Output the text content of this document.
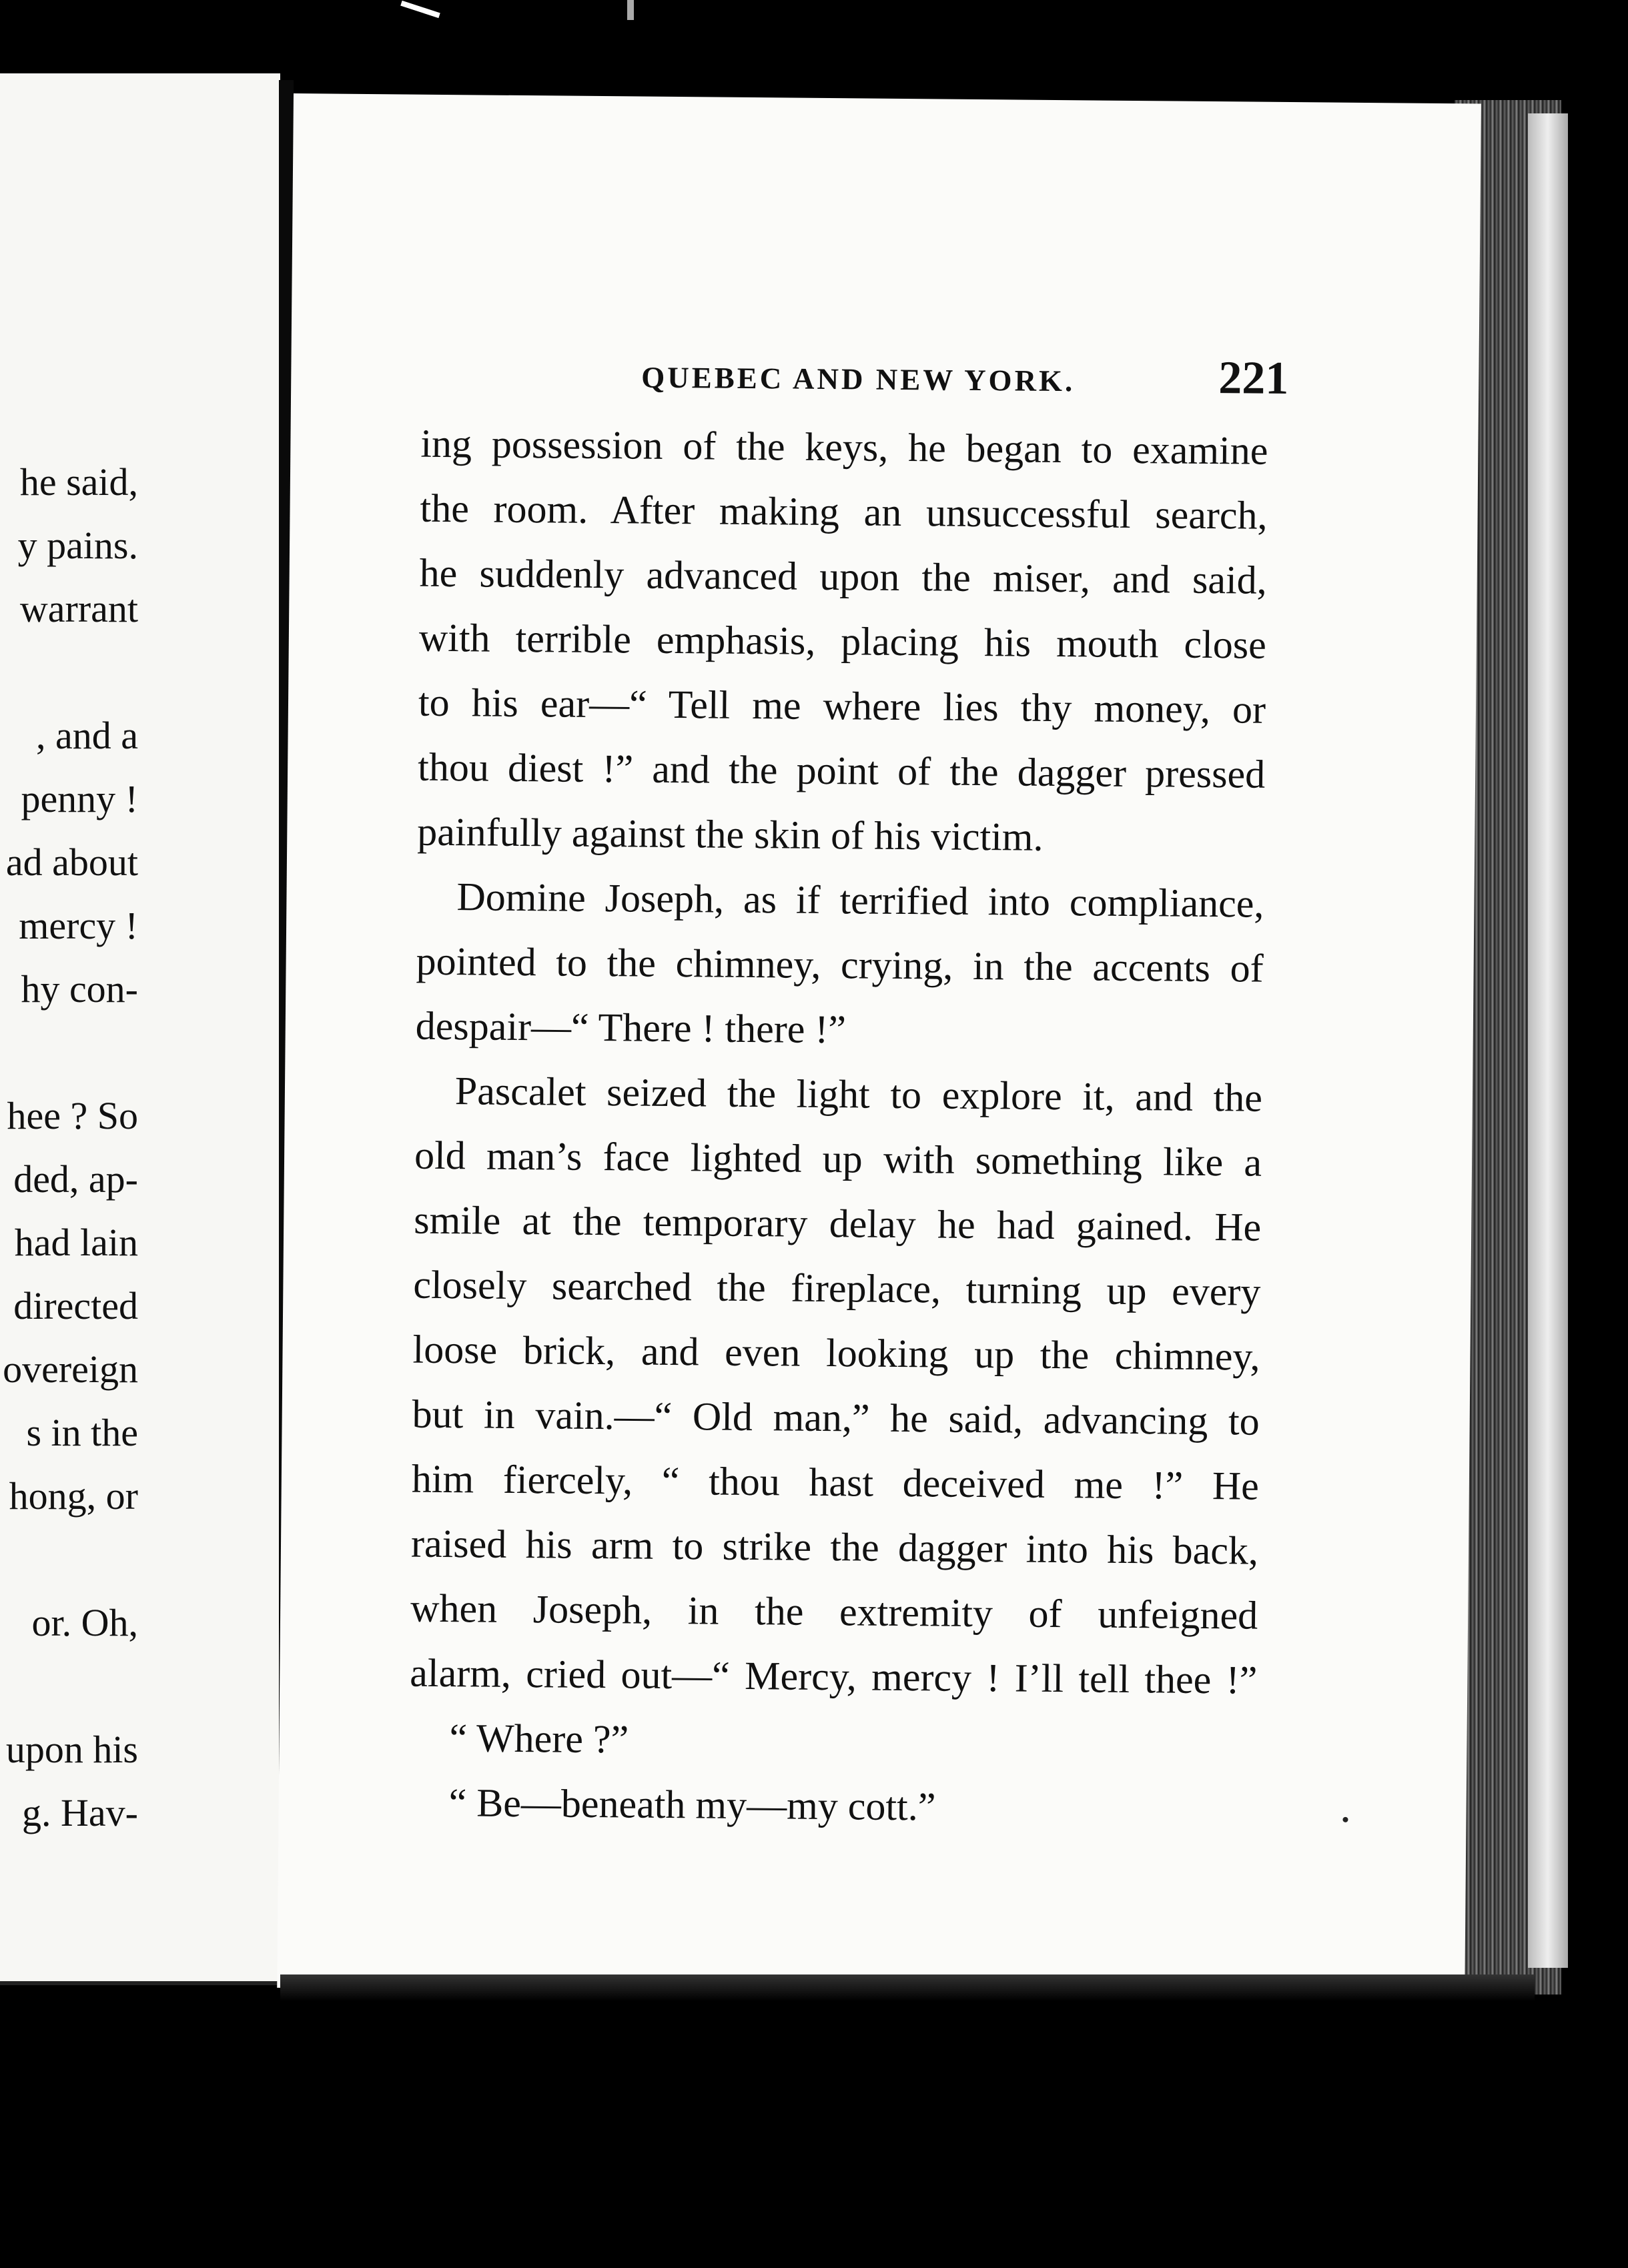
he said,
y pains.
warrant
, and a
penny !
ad about
mercy !
hy con-
hee ? So
ded, ap-
had lain
directed
overeign
s in the
hong, or
or. Oh,
upon his
g. Hav-
QUEBEC AND NEW YORK.	221
ing possession of the keys, he began to examine
the room. After making an unsuccessful search,
he suddenly advanced upon the miser, and said,
with terrible emphasis, placing his mouth close
to his ear—“ Tell me where lies thy money, or
thou diest !” and the point of the dagger pressed
painfully against the skin of his victim.
Domine Joseph, as if terrified into compliance,
pointed to the chimney, crying, in the accents of
despair—“ There ! there !”
Pascalet seized the light to explore it, and the
old man’s face lighted up with something like a
smile at the temporary delay he had gained. He
closely searched the fireplace, turning up every
loose brick, and even looking up the chimney,
but in vain.—“ Old man,” he said, advancing to
him fiercely, “ thou hast deceived me !” He
raised his arm to strike the dagger into his back,
when Joseph, in the extremity of unfeigned
alarm, cried out—“ Mercy, mercy ! I’ll tell thee !”
“ Where ?”
“ Be—beneath my—my cott.”
